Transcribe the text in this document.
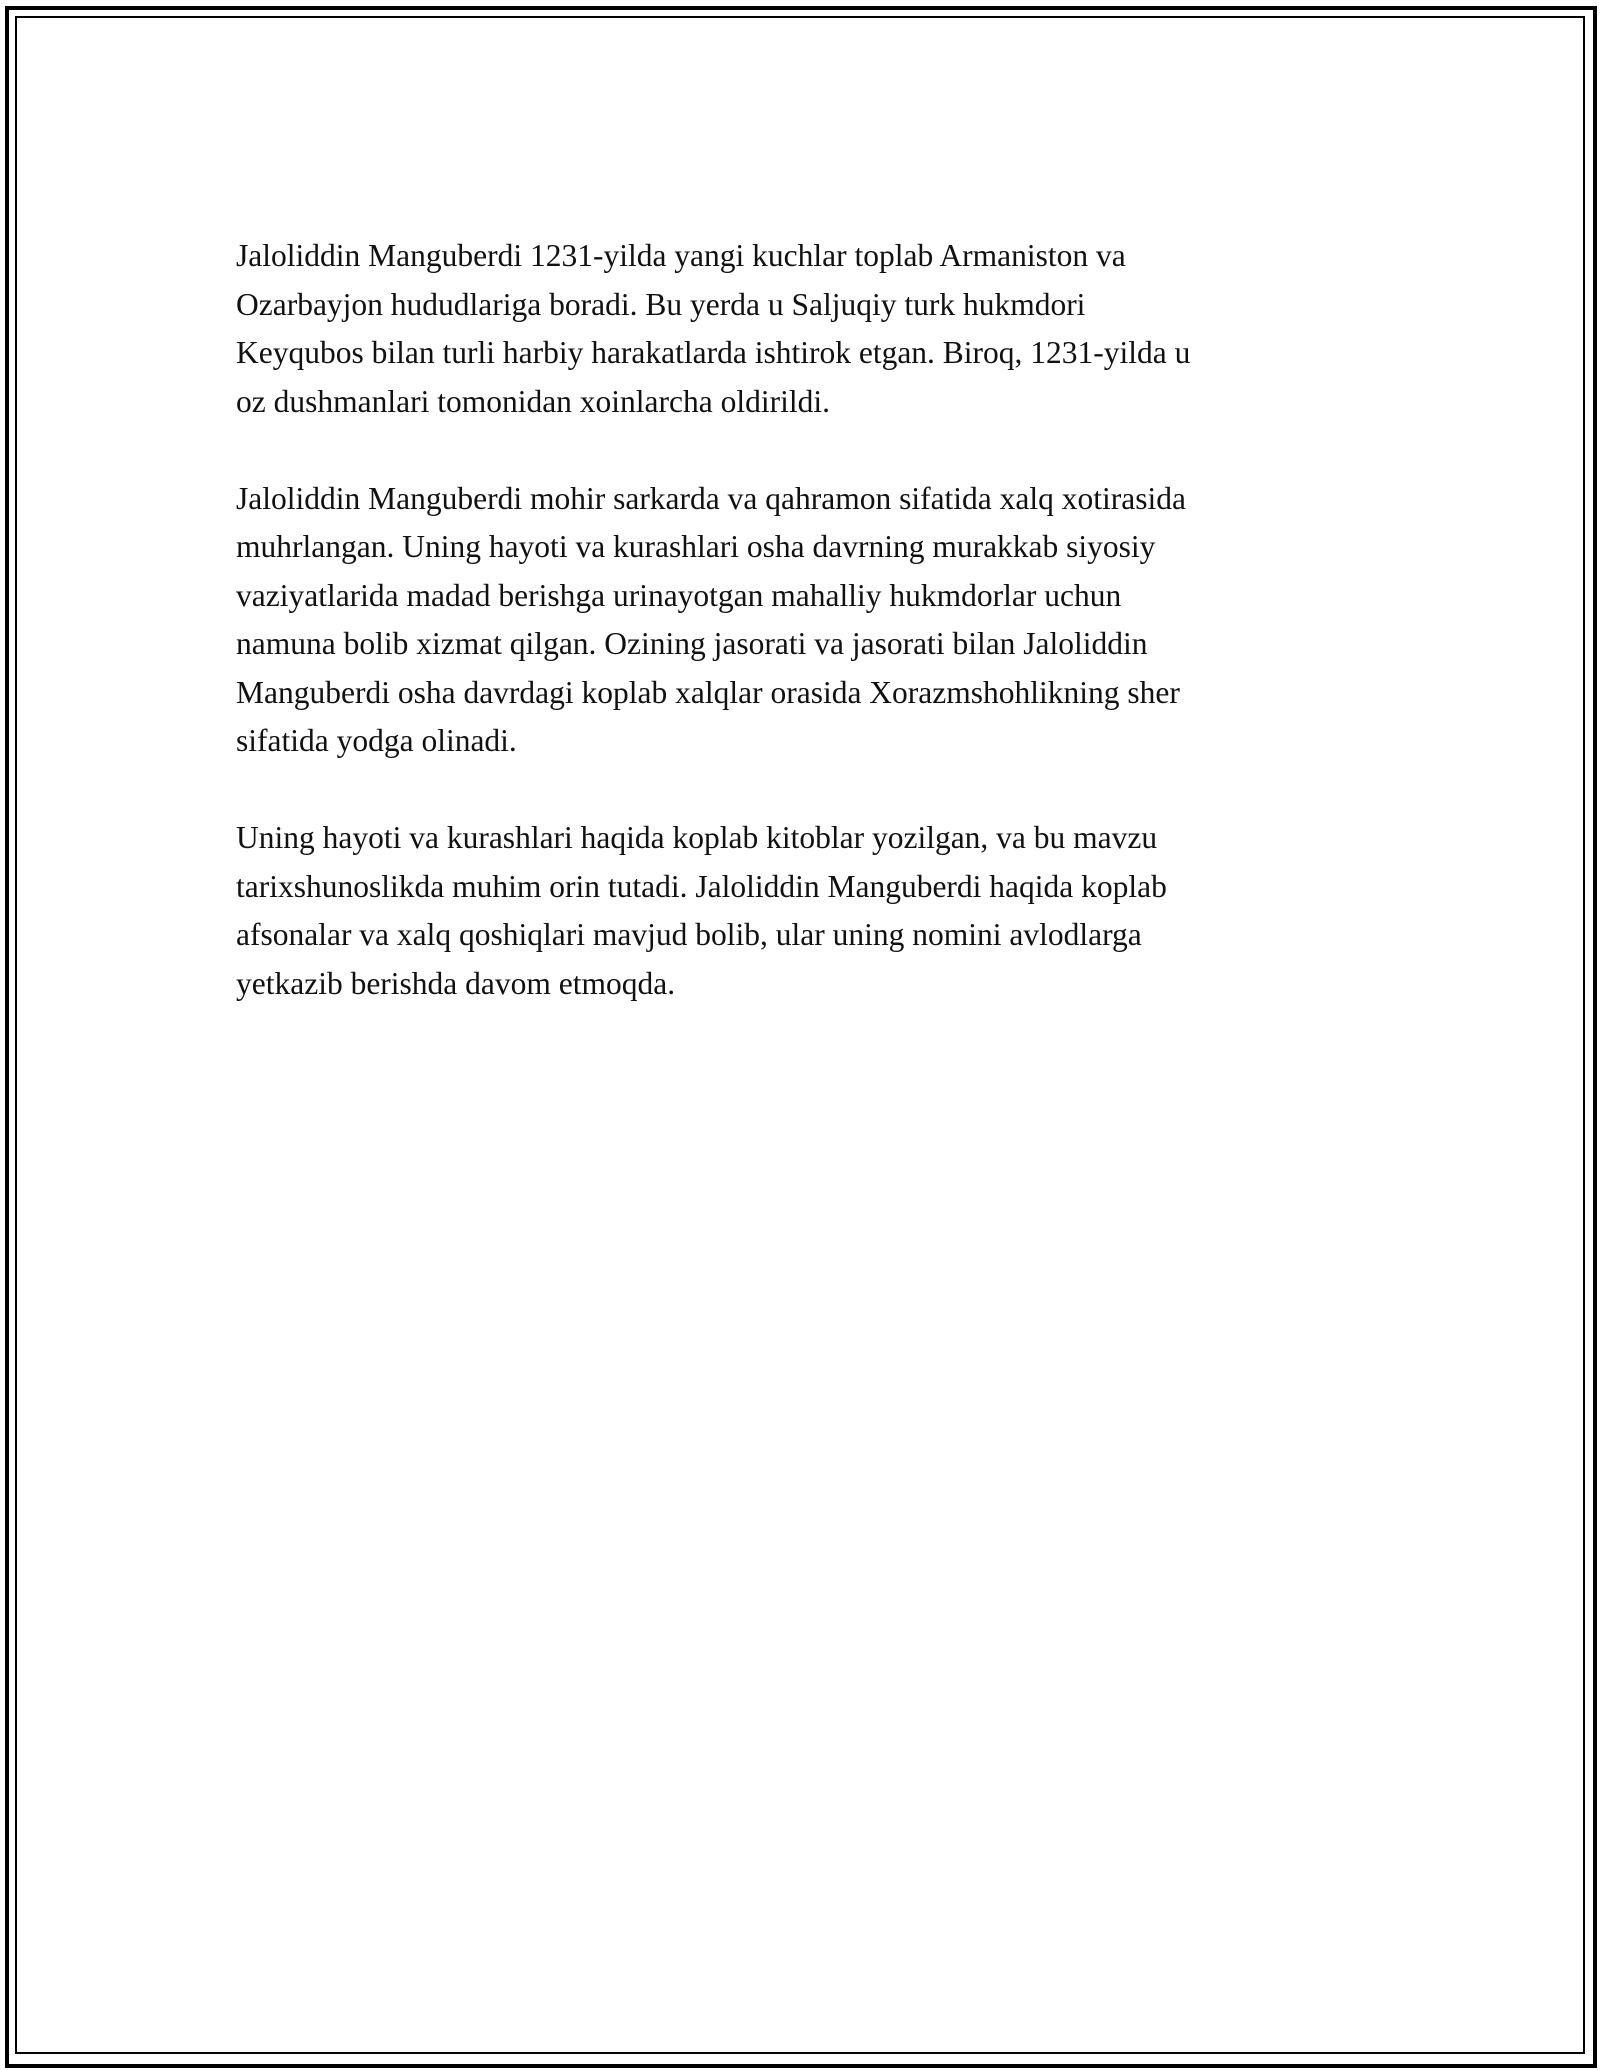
Jaloliddin Manguberdi 1231-yilda yangi kuchlar toplab Armaniston va
Ozarbayjon hududlariga boradi. Bu yerda u Saljuqiy turk hukmdori
Keyqubos bilan turli harbiy harakatlarda ishtirok etgan. Biroq, 1231-yilda u
oz dushmanlari tomonidan xoinlarcha oldirildi.

Jaloliddin Manguberdi mohir sarkarda va qahramon sifatida xalq xotirasida
muhrlangan. Uning hayoti va kurashlari osha davrning murakkab siyosiy
vaziyatlarida madad berishga urinayotgan mahalliy hukmdorlar uchun
namuna bolib xizmat qilgan. Ozining jasorati va jasorati bilan Jaloliddin
Manguberdi osha davrdagi koplab xalqlar orasida Xorazmshohlikning sher
sifatida yodga olinadi.

Uning hayoti va kurashlari haqida koplab kitoblar yozilgan, va bu mavzu
tarixshunoslikda muhim orin tutadi. Jaloliddin Manguberdi haqida koplab
afsonalar va xalq qoshiqlari mavjud bolib, ular uning nomini avlodlarga
yetkazib berishda davom etmoqda.
